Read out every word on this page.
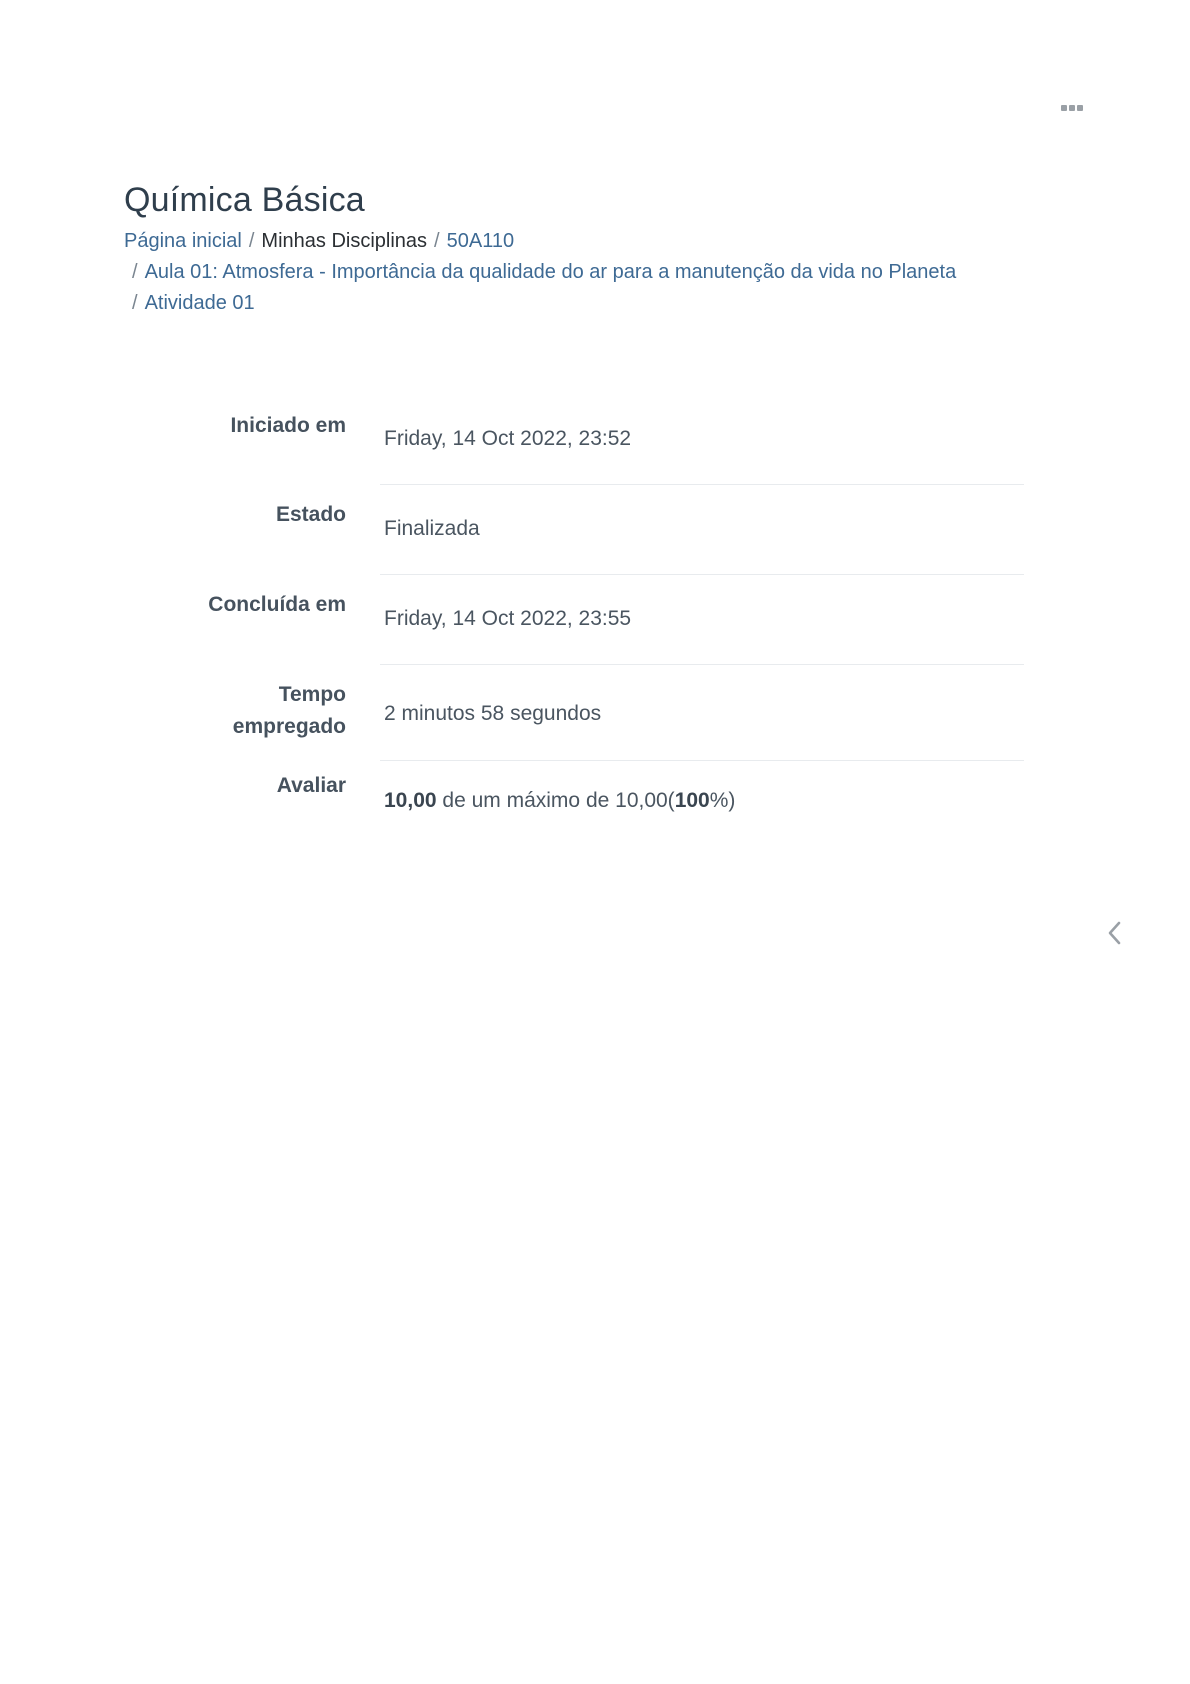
Química Básica
Página inicial / Minhas Disciplinas / 50A110
/ Aula 01: Atmosfera - Importância da qualidade do ar para a manutenção da vida no Planeta
/ Atividade 01
Iniciado em
Friday, 14 Oct 2022, 23:52
Estado
Finalizada
Concluída em
Friday, 14 Oct 2022, 23:55
Tempo
empregado
2 minutos 58 segundos
Avaliar
10,00 de um máximo de 10,00(100%)
